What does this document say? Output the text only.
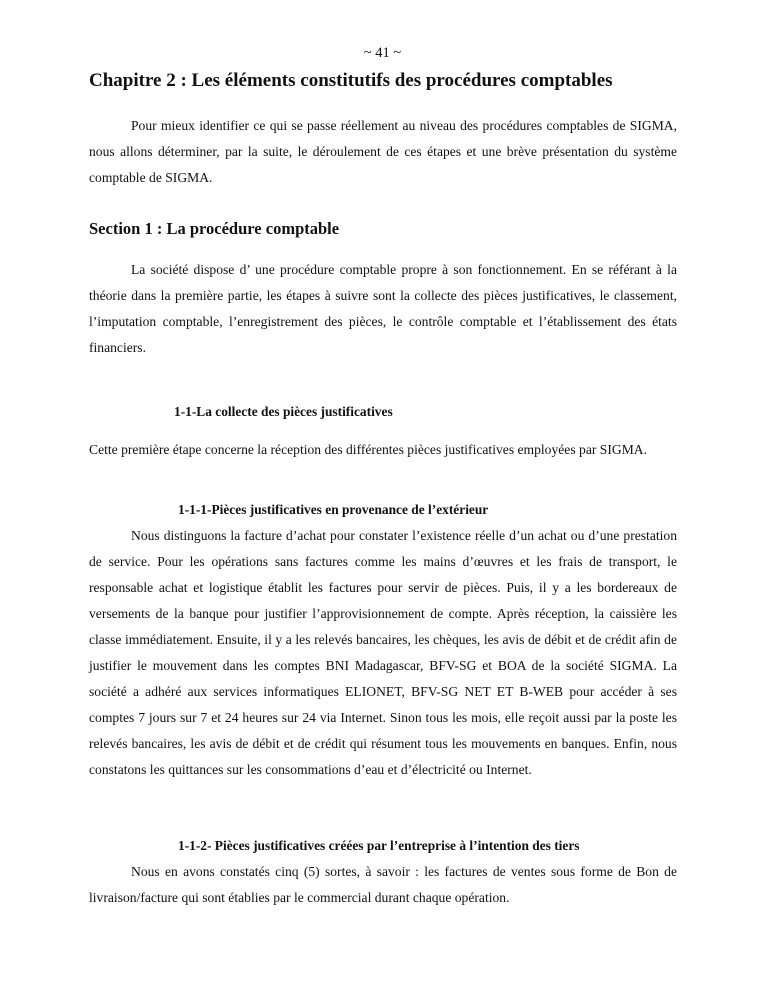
~ 41 ~
Chapitre 2 : Les éléments constitutifs des procédures comptables

Pour mieux identifier ce qui se passe réellement au niveau des procédures comptables de SIGMA, nous allons déterminer, par la suite, le déroulement de ces étapes et une brève présentation du système comptable de SIGMA.

Section 1 : La procédure comptable

La société dispose d’ une procédure comptable propre à son fonctionnement. En se référant à la théorie dans la première partie, les étapes à suivre sont la collecte des pièces justificatives, le classement, l’imputation comptable, l’enregistrement des pièces, le contrôle comptable et l’établissement des états financiers.

1-1-La collecte des pièces justificatives

Cette première étape concerne la réception des différentes pièces justificatives employées par SIGMA.

1-1-1-Pièces justificatives en provenance de l’extérieur

Nous distinguons la facture d’achat pour constater l’existence réelle d’un achat ou d’une prestation de service. Pour les opérations sans factures comme les mains d’œuvres et les frais de transport, le responsable achat et logistique établit les factures pour servir de pièces. Puis, il y a les bordereaux de versements de la banque pour justifier l’approvisionnement de compte. Après réception, la caissière les classe immédiatement. Ensuite, il y a les relevés bancaires, les chèques, les avis de débit et de crédit afin de justifier le mouvement dans les comptes BNI Madagascar, BFV-SG et BOA de la société SIGMA. La société a adhéré aux services informatiques ELIONET, BFV-SG NET ET B-WEB pour accéder à ses comptes 7 jours sur 7 et 24 heures sur 24 via Internet. Sinon tous les mois, elle reçoit aussi par la poste les relevés bancaires, les avis de débit et de crédit qui résument tous les mouvements en banques. Enfin, nous constatons les quittances sur les consommations d’eau et d’électricité ou Internet.

1-1-2- Pièces justificatives créées par l’entreprise à l’intention des tiers

Nous en avons constatés cinq (5) sortes, à savoir : les factures de ventes sous forme de Bon de livraison/facture qui sont établies par le commercial durant chaque opération.
